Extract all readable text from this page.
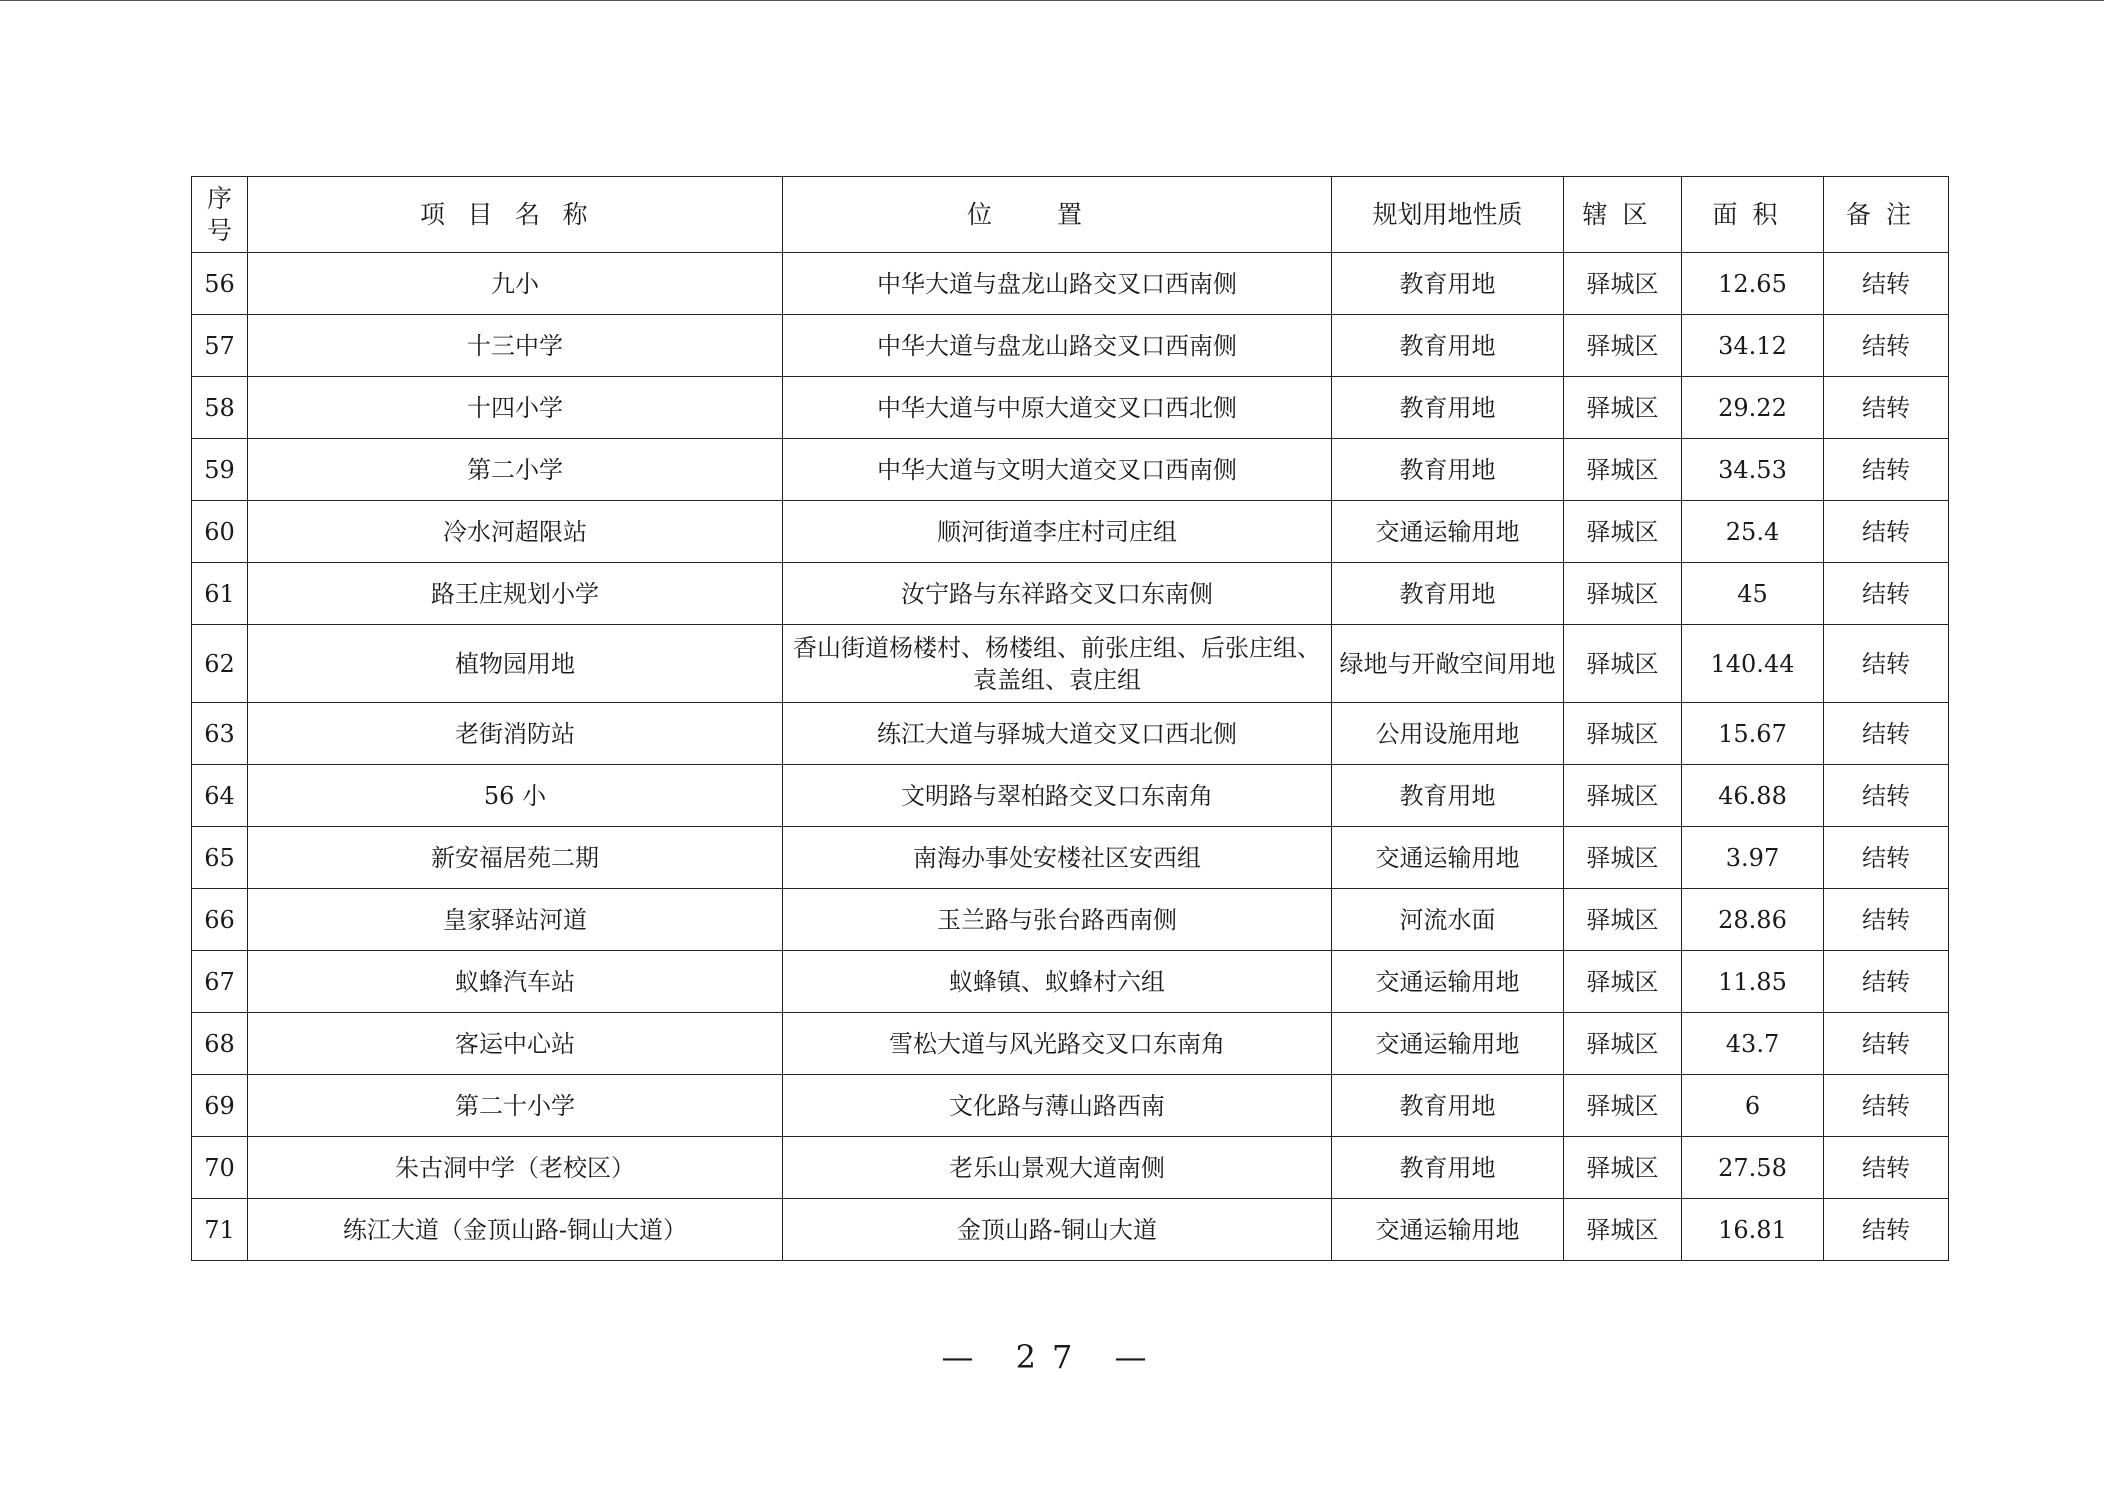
序号	项目名称	位置	规划用地性质	辖区	面积	备注
56	九小	中华大道与盘龙山路交叉口西南侧	教育用地	驿城区	12.65	结转
57	十三中学	中华大道与盘龙山路交叉口西南侧	教育用地	驿城区	34.12	结转
58	十四小学	中华大道与中原大道交叉口西北侧	教育用地	驿城区	29.22	结转
59	第二小学	中华大道与文明大道交叉口西南侧	教育用地	驿城区	34.53	结转
60	冷水河超限站	顺河街道李庄村司庄组	交通运输用地	驿城区	25.4	结转
61	路王庄规划小学	汝宁路与东祥路交叉口东南侧	教育用地	驿城区	45	结转
62	植物园用地	香山街道杨楼村、杨楼组、前张庄组、后张庄组、
袁盖组、袁庄组	绿地与开敞空间用地	驿城区	140.44	结转
63	老街消防站	练江大道与驿城大道交叉口西北侧	公用设施用地	驿城区	15.67	结转
64	56 小	文明路与翠柏路交叉口东南角	教育用地	驿城区	46.88	结转
65	新安福居苑二期	南海办事处安楼社区安西组	交通运输用地	驿城区	3.97	结转
66	皇家驿站河道	玉兰路与张台路西南侧	河流水面	驿城区	28.86	结转
67	蚁蜂汽车站	蚁蜂镇、蚁蜂村六组	交通运输用地	驿城区	11.85	结转
68	客运中心站	雪松大道与风光路交叉口东南角	交通运输用地	驿城区	43.7	结转
69	第二十小学	文化路与薄山路西南	教育用地	驿城区	6	结转
70	朱古洞中学（老校区）	老乐山景观大道南侧	教育用地	驿城区	27.58	结转
71	练江大道（金顶山路-铜山大道）	金顶山路-铜山大道	交通运输用地	驿城区	16.81	结转
— 27 —
